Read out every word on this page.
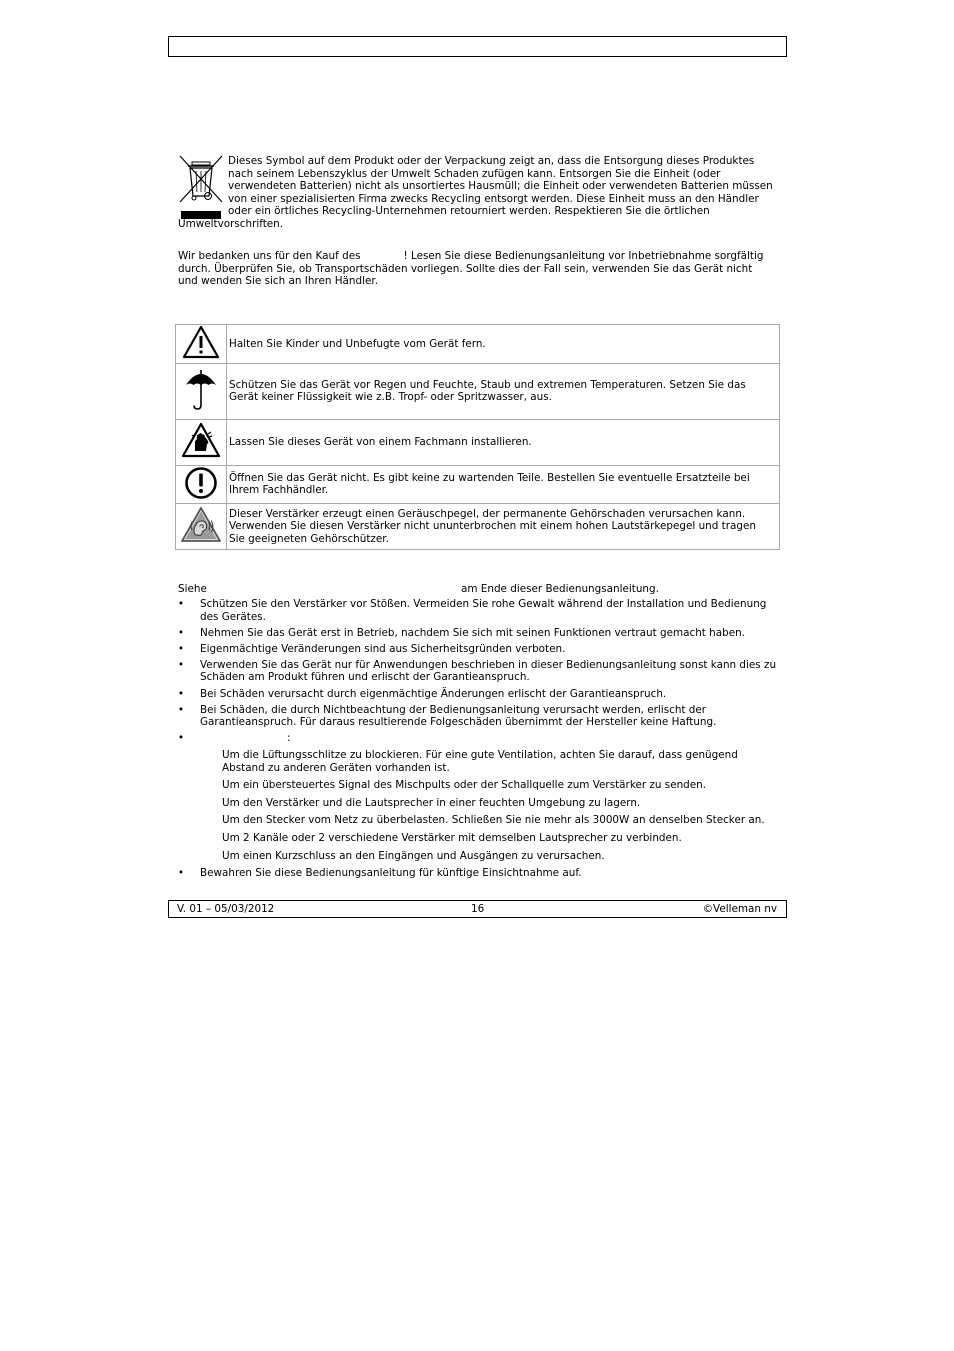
Dieses Symbol auf dem Produkt oder der Verpackung zeigt an, dass die Entsorgung dieses Produktes
nach seinem Lebenszyklus der Umwelt Schaden zufügen kann. Entsorgen Sie die Einheit (oder
verwendeten Batterien) nicht als unsortiertes Hausmüll; die Einheit oder verwendeten Batterien müssen
von einer spezialisierten Firma zwecks Recycling entsorgt werden. Diese Einheit muss an den Händler
oder ein örtliches Recycling-Unternehmen retourniert werden. Respektieren Sie die örtlichen
Umweltvorschriften.
Wir bedanken uns für den Kauf des	! Lesen Sie diese Bedienungsanleitung vor Inbetriebnahme sorgfältig
durch. Überprüfen Sie, ob Transportschäden vorliegen. Sollte dies der Fall sein, verwenden Sie das Gerät nicht
und wenden Sie sich an Ihren Händler.
	Halten Sie Kinder und Unbefugte vom Gerät fern.
	Schützen Sie das Gerät vor Regen und Feuchte, Staub und extremen Temperaturen. Setzen Sie das Gerät keiner Flüssigkeit wie z.B. Tropf- oder Spritzwasser, aus.
	Lassen Sie dieses Gerät von einem Fachmann installieren.
	Öffnen Sie das Gerät nicht. Es gibt keine zu wartenden Teile. Bestellen Sie eventuelle Ersatzteile bei Ihrem Fachhändler.
	Dieser Verstärker erzeugt einen Geräuschpegel, der permanente Gehörschaden verursachen kann. Verwenden Sie diesen Verstärker nicht ununterbrochen mit einem hohen Lautstärkepegel und tragen Sie geeigneten Gehörschützer.
Siehe	am Ende dieser Bedienungsanleitung.
• Schützen Sie den Verstärker vor Stößen. Vermeiden Sie rohe Gewalt während der Installation und Bedienung des Gerätes.
• Nehmen Sie das Gerät erst in Betrieb, nachdem Sie sich mit seinen Funktionen vertraut gemacht haben.
• Eigenmächtige Veränderungen sind aus Sicherheitsgründen verboten.
• Verwenden Sie das Gerät nur für Anwendungen beschrieben in dieser Bedienungsanleitung sonst kann dies zu Schäden am Produkt führen und erlischt der Garantieanspruch.
• Bei Schäden verursacht durch eigenmächtige Änderungen erlischt der Garantieanspruch.
• Bei Schäden, die durch Nichtbeachtung der Bedienungsanleitung verursacht werden, erlischt der Garantieanspruch. Für daraus resultierende Folgeschäden übernimmt der Hersteller keine Haftung.
•	:
Um die Lüftungsschlitze zu blockieren. Für eine gute Ventilation, achten Sie darauf, dass genügend Abstand zu anderen Geräten vorhanden ist.
Um ein übersteuertes Signal des Mischpults oder der Schallquelle zum Verstärker zu senden.
Um den Verstärker und die Lautsprecher in einer feuchten Umgebung zu lagern.
Um den Stecker vom Netz zu überbelasten. Schließen Sie nie mehr als 3000W an denselben Stecker an.
Um 2 Kanäle oder 2 verschiedene Verstärker mit demselben Lautsprecher zu verbinden.
Um einen Kurzschluss an den Eingängen und Ausgängen zu verursachen.
• Bewahren Sie diese Bedienungsanleitung für künftige Einsichtnahme auf.
V. 01 – 05/03/2012	16	©Velleman nv
